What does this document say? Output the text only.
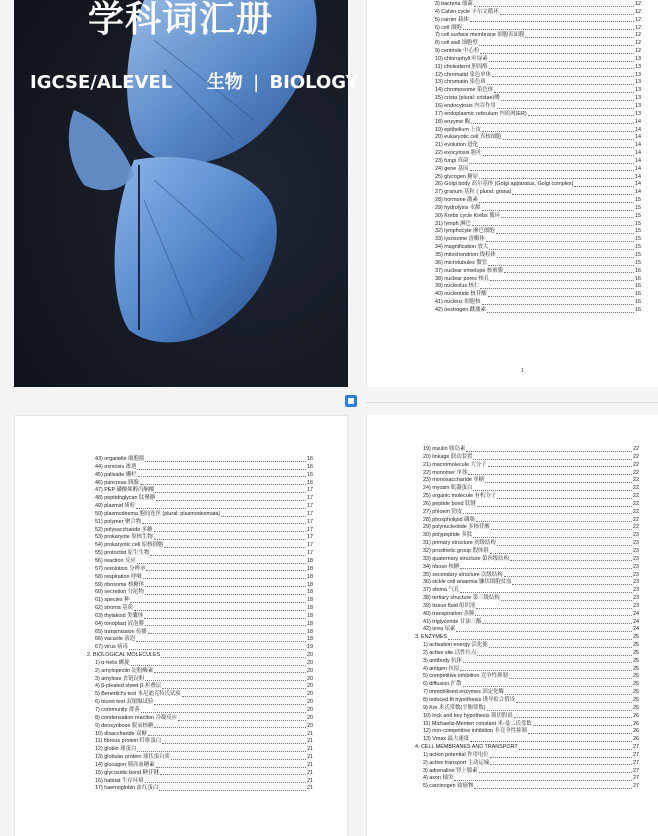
学科词汇册
IGCSE/ALEVEL 生物 | BIOLOGY
3) bacteria 细菌	12
4) Calvin cycle 卡尔文循环	12
5) carrier 载体	12
6) cell 细胞	12
7) cell surface membrane 细胞表面膜	12
8) cell wall 细胞壁	12
9) centriole 中心粒	12
10) chlorophyll 叶绿素	13
11) cholesterol 胆固醇	13
12) chromatid 染色单体	13
13) chromatin 染色质	13
14) chromosome 染色体	13
15) crista (plural: cristae)嵴	13
16) endocytosis 内吞作用	13
17) endoplasmic reticulum 内质网(ER)	13
18) enzyme 酶	14
19) epithelium 上皮	14
20) eukaryotic cell 真核细胞	14
21) evolution 进化	14
22) exocytosis 胞吐	14
23) fungi 真菌	14
24) gene 基因	14
25) glycogen 糖原	14
26) Golgi body 高尔基体 (Golgi apparatus, Golgi complex)	14
27) granum 基粒 ( plural: grana)	14
28) hormone 激素	15
29) hydrolysis 水解	15
30) Krebs cycle Krebs 循环	15
31) lymph 淋巴	15
32) lymphocyte 淋巴细胞	15
33) lysosome 溶酶体	15
34) magnification 放大	15
35) mitochondrion 线粒体	15
36) microtubules 微管	15
37) nuclear envelope 核被膜	16
38) nuclear pores 核孔	16
39) nucleolus 核仁	16
40) nucleotide 核苷酸	16
41) nucleus 细胞核	16
42) oestrogen 雌激素	16
1
43) organelle 细胞器	16
44) osmosis 渗透	16
45) palisade 栅栏	16
46) pancreas 胰腺	16
47) PEP 磷酸烯醇丙酮酸	17
48) peptidoglycan 肽聚糖	17
49) plasmid 质粒	17
50) plasmodesma 胞间连丝 (plural: plasmodesmata)	17
51) polymer 聚合物	17
52) polysaccharide 多糖	17
53) prokaryote 原核生物	17
54) prokaryotic cell 原核细胞	17
55) protoctist 原生生物	17
56) reaction 反应	18
57) resolution 分辨率	18
58) respiration 呼吸	18
59) ribosome 核糖体	18
60) secretion 分泌物	18
61) species 种	18
62) stroma 基质	18
63) thylakoid 类囊体	18
64) tonoplast 液泡膜	18
65) transmission 传播	18
66) vacuole 液泡	18
67) virus 病毒	19
2. BIOLOGICAL MOLECULES	20
1) α-helix 螺旋	20
2) amylopectin 淀粉酶素	20
3) amylose 直链淀粉	20
4) β-pleated sheet β-折叠层	20
5) Benedict's test 本尼迪克特氏试验	20
6) biuret test 双缩脲试验	20
7) community 群落	20
8) condensation reaction 冷凝反应	20
9) deoxyribose 脱氧核糖	20
10) disaccharide 双糖	21
11) fibrous protein 纤维蛋白	21
12) globin 球蛋白	21
13) globular protein 球状蛋白质	21
14) glucagon 胰高血糖素	21
15) glycosidic bond 糖苷键	21
16) habitat 生存环境	21
17) haemoglobin 血红蛋白	21
19) insulin 胰岛素	22
20) linkage 联动装置	22
21) macromolecule 大分子	22
22) monomer 单体	22
23) monosaccharide 单糖	22
24) myosin 肌凝蛋白	22
25) organic molecule 有机分子	22
26) peptide bond 肽键	22
27) phloem 韧皮	22
28) phospholipid 磷脂	22
29) polynucleotide 多核苷酸	22
30) polypeptide 多肽	23
31) primary structure 初级结构	23
32) prosthetic group 假体群	23
33) quaternary structure 第四级结构	23
34) ribose 核糖	23
35) secondary structure 次级结构	23
36) sickle cell anaemia 镰状细胞贫血	23
37) stoma 气孔	23
38) tertiary structure 第三级结构	23
39) tissue fluid 组织液	23
40) transpiration 蒸腾	24
41) triglyceride 甘油三酯	24
42) urea 尿素	24
3. ENZYMES	25
1) activation energy 活化能	25
2) active site 活性位点	25
3) antibody 抗体	25
4) antigen 抗原	25
5) competitive inhibition 竞争性抑制	25
6) diffusion 扩散	25
7) immobilised enzymes 固定化酶	25
8) induced fit hypothesis 诱导拟合假设	25
9) Km 米氏常数(平衡常数)	25
10) lock and key hypothesis 锁钥假说	26
11) Michaelis-Menten constant 米-曼二氏常数	26
12) non-competitive inhibition 非竞争性抑制	26
13) Vmax 最大速度	26
4. CELL MEMBRANES AND TRANSPORT	27
1) action potential 作用电位	27
2) active transport 主动运输	27
3) adrenaline 肾上腺素	27
4) axon 轴突	27
5) carcinogen 致癌物	27
